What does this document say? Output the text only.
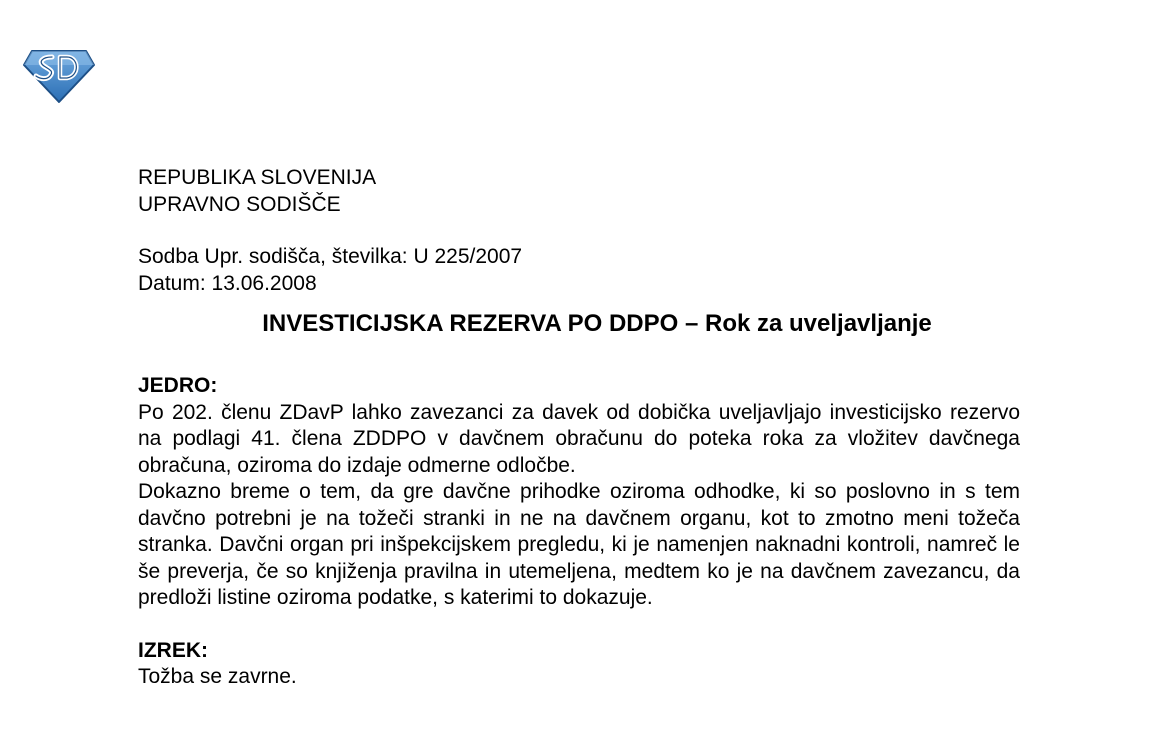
REPUBLIKA SLOVENIJA
UPRAVNO SODIŠČE
Sodba Upr. sodišča, številka: U 225/2007
Datum: 13.06.2008
INVESTICIJSKA REZERVA PO DDPO – Rok za uveljavljanje
JEDRO:

Po 202. členu ZDavP lahko zavezanci za davek od dobička uveljavljajo investicijsko rezervo na podlagi 41. člena ZDDPO v davčnem obračunu do poteka roka za vložitev davčnega obračuna, oziroma do izdaje odmerne odločbe.

Dokazno breme o tem, da gre davčne prihodke oziroma odhodke, ki so poslovno in s tem davčno potrebni je na tožeči stranki in ne na davčnem organu, kot to zmotno meni tožeča stranka. Davčni organ pri inšpekcijskem pregledu, ki je namenjen naknadni kontroli, namreč le še preverja, če so knjiženja pravilna in utemeljena, medtem ko je na davčnem zavezancu, da predloži listine oziroma podatke, s katerimi to dokazuje.

IZREK:
Tožba se zavrne.
